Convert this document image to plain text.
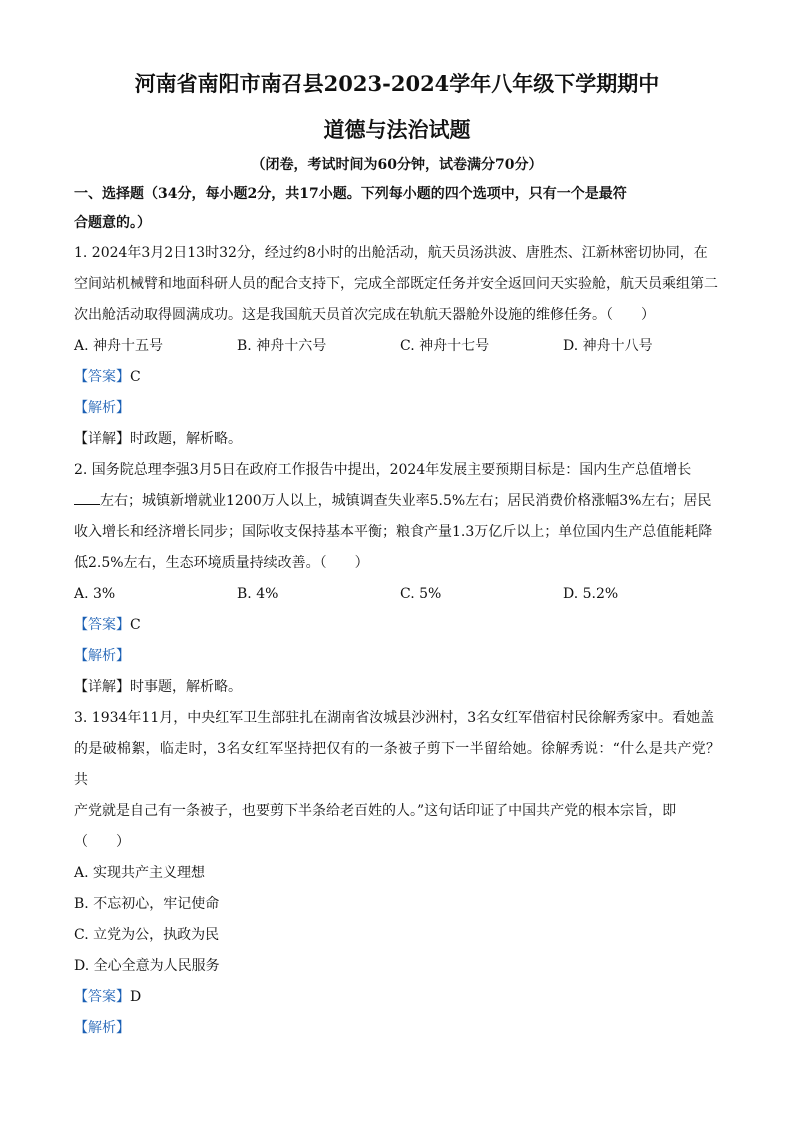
河南省南阳市南召县2023-2024学年八年级下学期期中

道德与法治试题

（闭卷，考试时间为60分钟，试卷满分70分）

一、选择题（34分，每小题2分，共17小题。下列每小题的四个选项中，只有一个是最符

合题意的。）

1. 2024年3月2日13时32分，经过约8小时的出舱活动，航天员汤洪波、唐胜杰、江新林密切协同，在

空间站机械臂和地面科研人员的配合支持下，完成全部既定任务并安全返回问天实验舱，航天员乘组第二

次出舱活动取得圆满成功。这是我国航天员首次完成在轨航天器舱外设施的维修任务。（　　）

A. 神舟十五号	B. 神舟十六号	C. 神舟十七号	D. 神舟十八号

【答案】C

【解析】

【详解】时政题，解析略。

2. 国务院总理李强3月5日在政府工作报告中提出，2024年发展主要预期目标是：国内生产总值增长

左右；城镇新增就业1200万人以上，城镇调查失业率5.5%左右；居民消费价格涨幅3%左右；居民

收入增长和经济增长同步；国际收支保持基本平衡；粮食产量1.3万亿斤以上；单位国内生产总值能耗降

低2.5%左右，生态环境质量持续改善。（　　）

A. 3%	B. 4%	C. 5%	D. 5.2%

【答案】C

【解析】

【详解】时事题，解析略。

3. 1934年11月，中央红军卫生部驻扎在湖南省汝城县沙洲村，3名女红军借宿村民徐解秀家中。看她盖

的是破棉絮，临走时，3名女红军坚持把仅有的一条被子剪下一半留给她。徐解秀说：“什么是共产党？共

产党就是自己有一条被子，也要剪下半条给老百姓的人。”这句话印证了中国共产党的根本宗旨，即

（　　）

A. 实现共产主义理想

B. 不忘初心，牢记使命

C. 立党为公，执政为民

D. 全心全意为人民服务

【答案】D

【解析】
